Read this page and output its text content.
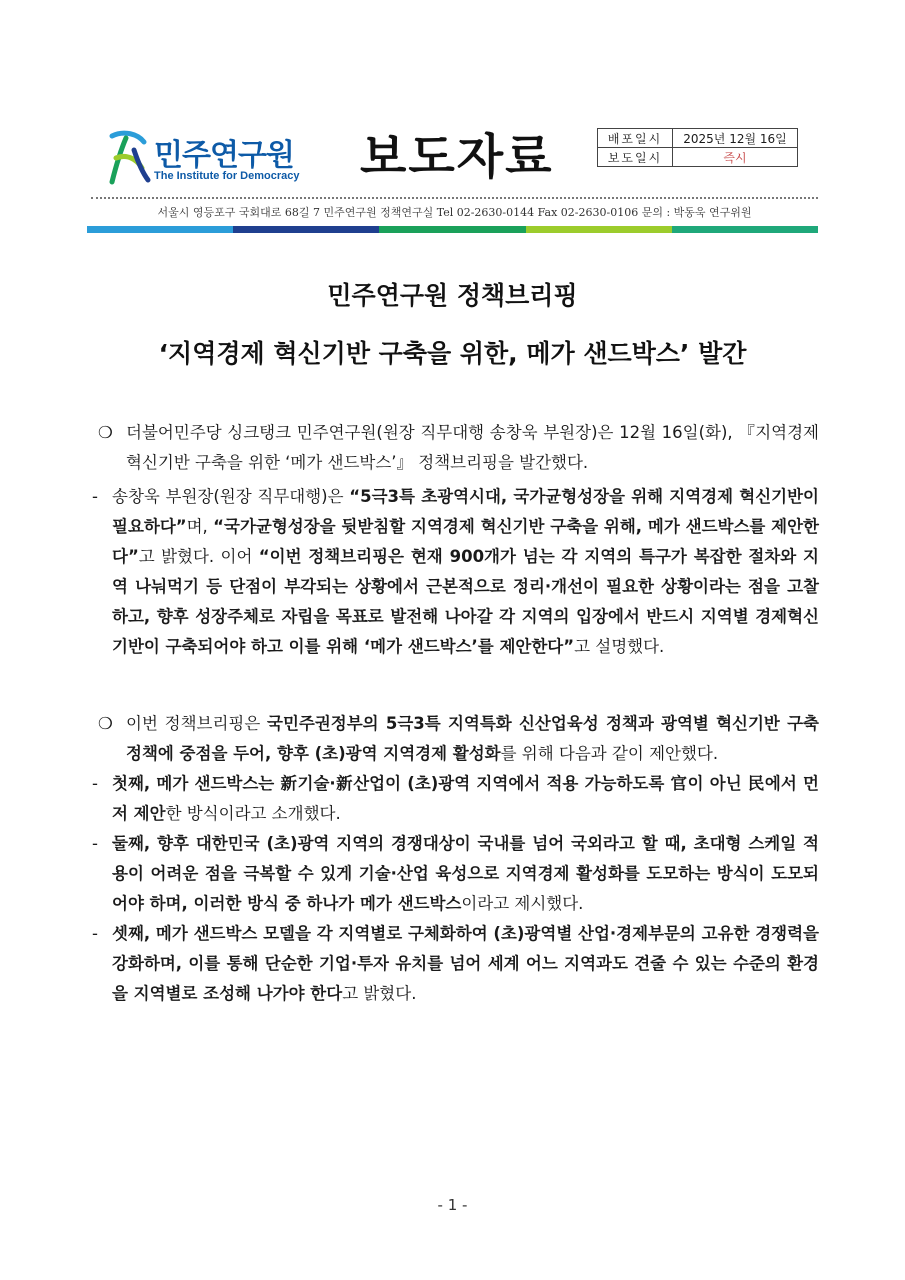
민주연구원
The Institute for Democracy 보도자료	배포일시	2025년 12월 16일
보도일시	즉시
서울시 영등포구 국회대로 68길 7 민주연구원 정책연구실 Tel 02-2630-0144 Fax 02-2630-0106 문의 : 박동욱 연구위원
민주연구원 정책브리핑
‘지역경제 혁신기반 구축을 위한, 메가 샌드박스’ 발간
❍ 더불어민주당 싱크탱크 민주연구원(원장 직무대행 송창욱 부원장)은 12월 16일(화), 『지역경제 혁신기반 구축을 위한 ‘메가 샌드박스’』 정책브리핑을 발간했다.
- 송창욱 부원장(원장 직무대행)은 “5극3특 초광역시대, 국가균형성장을 위해 지역경제 혁신기반이 필요하다”며, “국가균형성장을 뒷받침할 지역경제 혁신기반 구축을 위해, 메가 샌드박스를 제안한다”고 밝혔다. 이어 “이번 정책브리핑은 현재 900개가 넘는 각 지역의 특구가 복잡한 절차와 지역 나눠먹기 등 단점이 부각되는 상황에서 근본적으로 정리·개선이 필요한 상황이라는 점을 고찰하고, 향후 성장주체로 자립을 목표로 발전해 나아갈 각 지역의 입장에서 반드시 지역별 경제혁신 기반이 구축되어야 하고 이를 위해 ‘메가 샌드박스’를 제안한다”고 설명했다.
❍ 이번 정책브리핑은 국민주권정부의 5극3특 지역특화 신산업육성 정책과 광역별 혁신기반 구축 정책에 중점을 두어, 향후 (초)광역 지역경제 활성화를 위해 다음과 같이 제안했다.
- 첫째, 메가 샌드박스는 新기술·新산업이 (초)광역 지역에서 적용 가능하도록 官이 아닌 民에서 먼저 제안한 방식이라고 소개했다.
- 둘째, 향후 대한민국 (초)광역 지역의 경쟁대상이 국내를 넘어 국외라고 할 때, 초대형 스케일 적용이 어려운 점을 극복할 수 있게 기술·산업 육성으로 지역경제 활성화를 도모하는 방식이 도모되어야 하며, 이러한 방식 중 하나가 메가 샌드박스이라고 제시했다.
- 셋째, 메가 샌드박스 모델을 각 지역별로 구체화하여 (초)광역별 산업·경제부문의 고유한 경쟁력을 강화하며, 이를 통해 단순한 기업·투자 유치를 넘어 세계 어느 지역과도 견줄 수 있는 수준의 환경을 지역별로 조성해 나가야 한다고 밝혔다.
- 1 -
